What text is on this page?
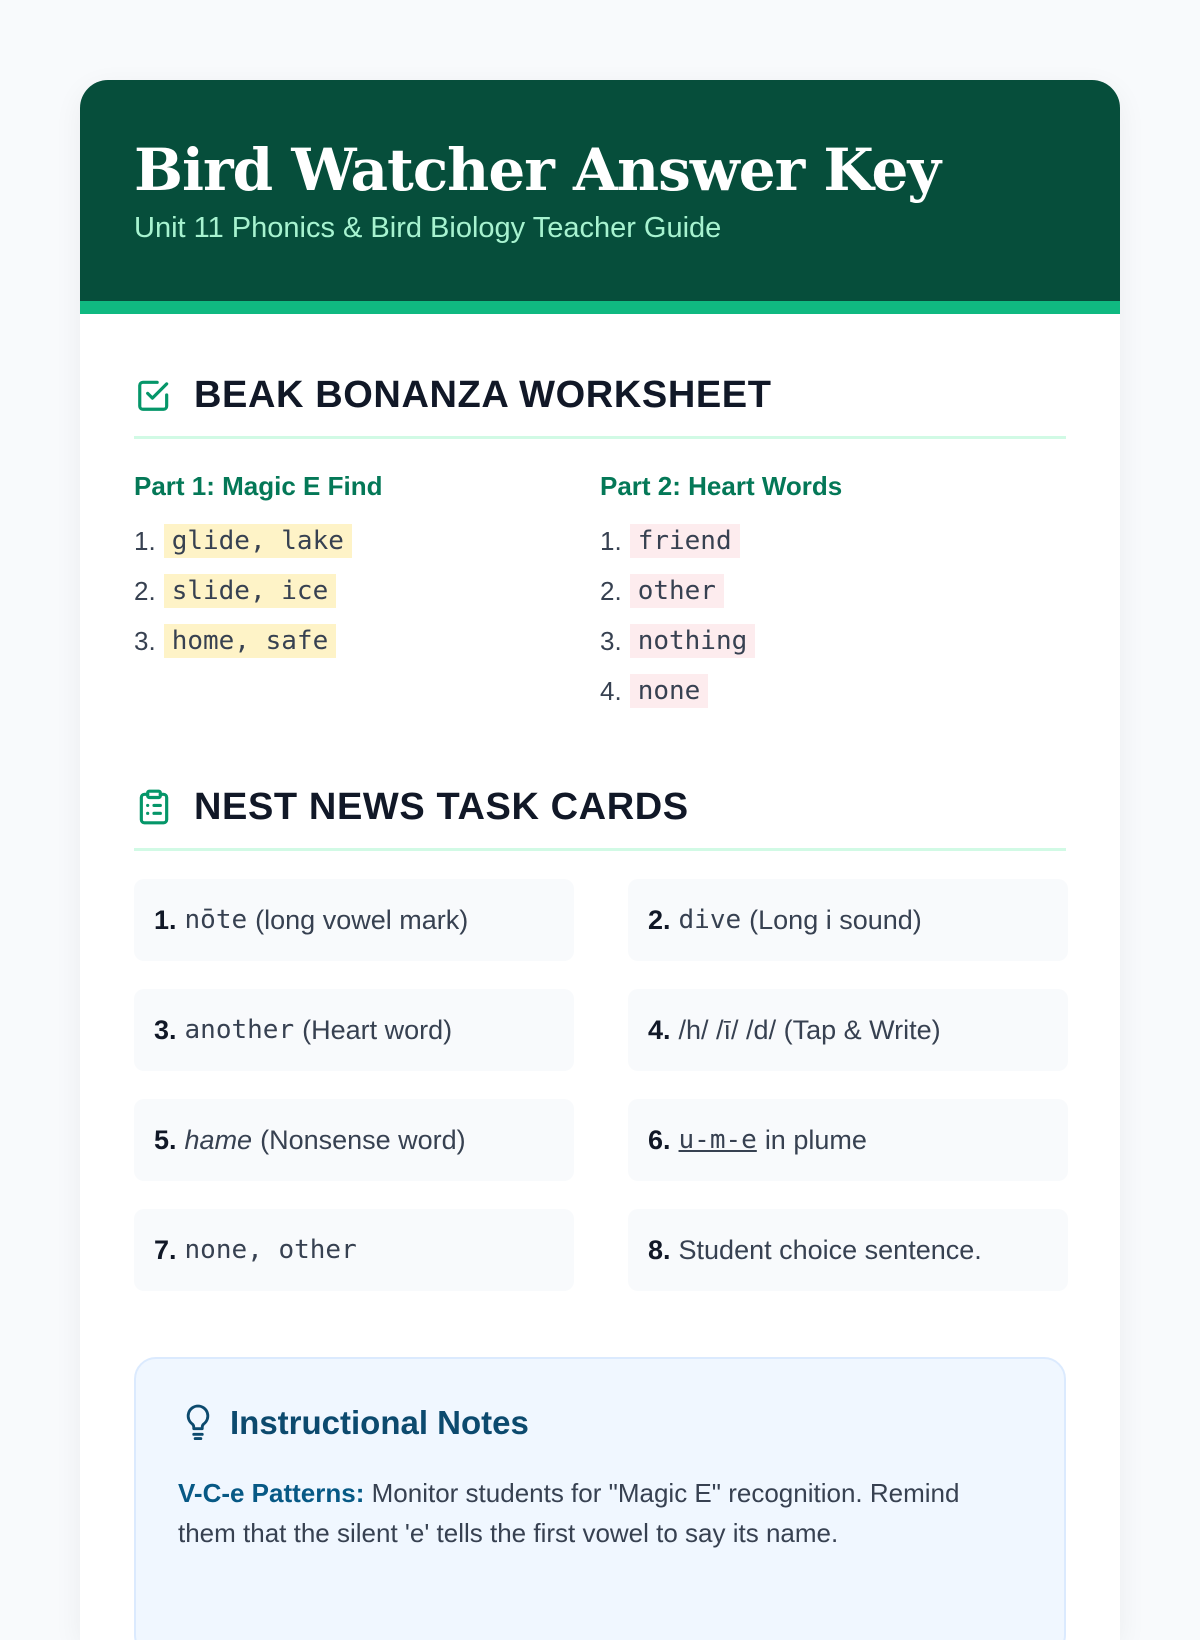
Bird Watcher Answer Key
Unit 11 Phonics & Bird Biology Teacher Guide
BEAK BONANZA WORKSHEET
Part 1: Magic E Find
1. glide, lake
2. slide, ice
3. home, safe
Part 2: Heart Words
1. friend
2. other
3. nothing
4. none
NEST NEWS TASK CARDS
1. nōte (long vowel mark)	2. dive (Long i sound)
3. another (Heart word)	4. /h/ /ī/ /d/ (Tap & Write)
5. hame (Nonsense word)	6. u-m-e in plume
7. none, other	8. Student choice sentence.
Instructional Notes
V-C-e Patterns: Monitor students for "Magic E" recognition. Remind them that the silent 'e' tells the first vowel to say its name.
